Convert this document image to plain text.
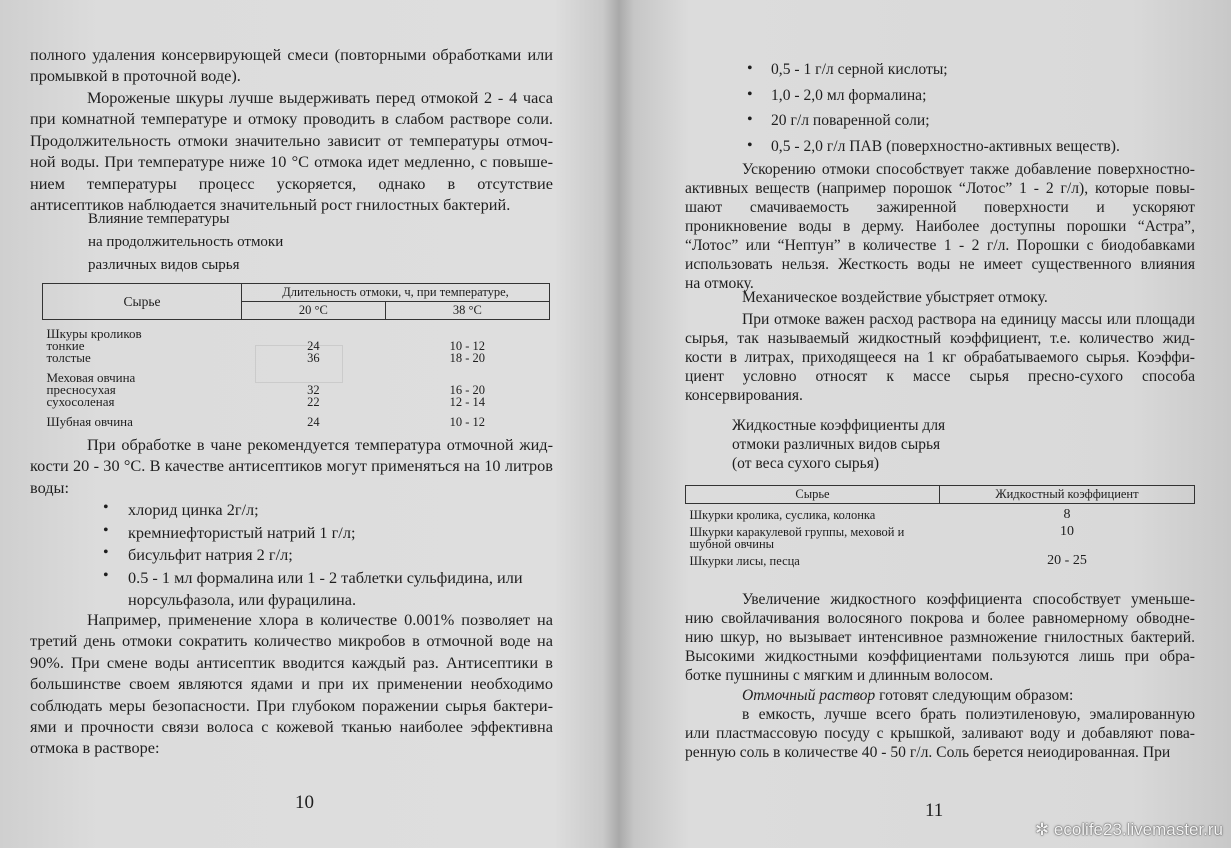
полного удаления консервирующей смеси (повторными обработками или
промывкой в проточной воде).
Мороженые шкуры лучше выдерживать перед отмокой 2 - 4 часа
при комнатной температуре и отмоку проводить в слабом растворе соли.
Продолжительность отмоки значительно зависит от температуры отмоч-
ной воды. При температуре ниже 10 °С отмока идет медленно, с повыше-
нием температуры процесс ускоряется, однако в отсутствие
антисептиков наблюдается значительный рост гнилостных бактерий.
Влияние температуры
на продолжительность отмоки
различных видов сырья
Сырье	Длительность отмоки, ч, при температуре,	
	20 °С	38 °С
Шкуры кроликов		
тонкие	24	10 - 12
толстые	36	18 - 20
Меховая овчина		
пресносухая	32	16 - 20
сухосоленая	22	12 - 14
Шубная овчина	24	10 - 12
При обработке в чане рекомендуется температура отмочной жид-
кости 20 - 30 °С. В качестве антисептиков могут применяться на 10 литров
воды:
• хлорид цинка 2г/л;
• кремниефтористый натрий 1 г/л;
• бисульфит натрия 2 г/л;
• 0.5 - 1 мл формалина или 1 - 2 таблетки сульфидина, или
норсульфазола, или фурацилина.
Например, применение хлора в количестве 0.001% позволяет на
третий день отмоки сократить количество микробов в отмочной воде на
90%. При смене воды антисептик вводится каждый раз. Антисептики в
большинстве своем являются ядами и при их применении необходимо
соблюдать меры безопасности. При глубоком поражении сырья бактери-
ями и прочности связи волоса с кожевой тканью наиболее эффективна
отмока в растворе:
10
• 0,5 - 1 г/л серной кислоты;
• 1,0 - 2,0 мл формалина;
• 20 г/л поваренной соли;
• 0,5 - 2,0 г/л ПАВ (поверхностно-активных веществ).
Ускорению отмоки способствует также добавление поверхностно-
активных веществ (например порошок “Лотос” 1 - 2 г/л), которые повы-
шают смачиваемость зажиренной поверхности и ускоряют
проникновение воды в дерму. Наиболее доступны порошки “Астра”,
“Лотос” или “Нептун” в количестве 1 - 2 г/л. Порошки с биодобавками
использовать нельзя. Жесткость воды не имеет существенного влияния
на отмоку.
Механическое воздействие убыстряет отмоку.
При отмоке важен расход раствора на единицу массы или площади
сырья, так называемый жидкостный коэффициент, т.е. количество жид-
кости в литрах, приходящееся на 1 кг обрабатываемого сырья. Коэффи-
циент условно относят к массе сырья пресно-сухого способа
консервирования.
Жидкостные коэффициенты для
отмоки различных видов сырья
(от веса сухого сырья)
Сырье	Жидкостный коэффициент
Шкурки кролика, суслика, колонка	8
Шкурки каракулевой группы, меховой и шубной овчины	10
Шкурки лисы, песца	20 - 25
Увеличение жидкостного коэффициента способствует уменьше-
нию свойлачивания волосяного покрова и более равномерному обводне-
нию шкур, но вызывает интенсивное размножение гнилостных бактерий.
Высокими жидкостными коэффициентами пользуются лишь при обра-
ботке пушнины с мягким и длинным волосом.
Отмочный раствор готовят следующим образом:
в емкость, лучше всего брать полиэтиленовую, эмалированную
или пластмассовую посуду с крышкой, заливают воду и добавляют пова-
ренную соль в количестве 40 - 50 г/л. Соль берется неиодированная. При
11
✲ ecolife23.livemaster.ru
